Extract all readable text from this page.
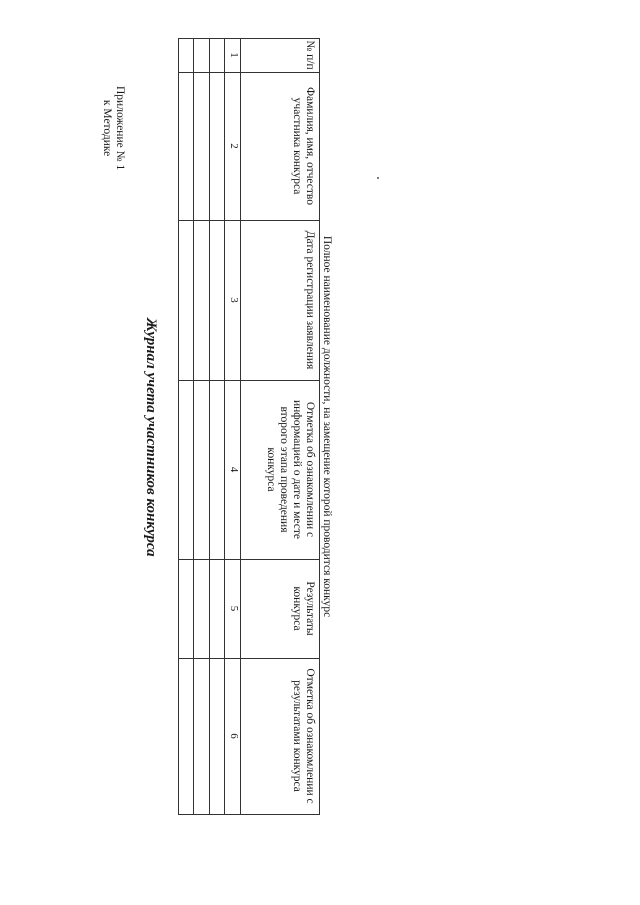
Приложение № 1
к Методике
Журнал учета участников конкурса	Полное наименование должности, на замещение которой проводится конкурс
№ п/п
Фамилия, имя, отчество участника конкурса
Дата регистрации заявления
Отметка об ознакомлении с информацией о дате и месте второго этапа проведения конкурса
Результаты конкурса
Отметка об ознакомлении с результатами конкурса
1
2
3
4
5
6
